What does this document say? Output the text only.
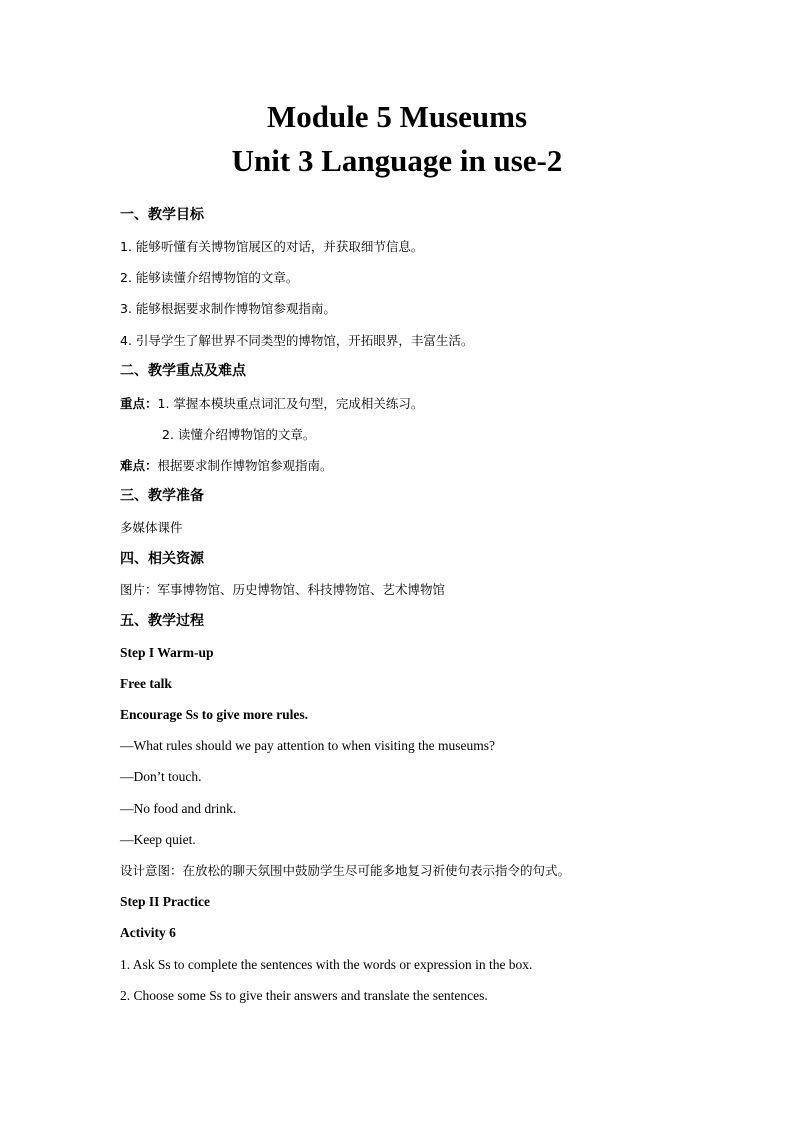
Module 5 Museums
Unit 3 Language in use-2
一、教学目标
1. 能够听懂有关博物馆展区的对话，并获取细节信息。
2. 能够读懂介绍博物馆的文章。
3. 能够根据要求制作博物馆参观指南。
4. 引导学生了解世界不同类型的博物馆，开拓眼界，丰富生活。
二、教学重点及难点
重点：1. 掌握本模块重点词汇及句型，完成相关练习。
2. 读懂介绍博物馆的文章。
难点：根据要求制作博物馆参观指南。
三、教学准备
多媒体课件
四、相关资源
图片：军事博物馆、历史博物馆、科技博物馆、艺术博物馆
五、教学过程
Step I Warm-up
Free talk
Encourage Ss to give more rules.
—What rules should we pay attention to when visiting the museums?
—Don’t touch.
—No food and drink.
—Keep quiet.
设计意图：在放松的聊天氛围中鼓励学生尽可能多地复习祈使句表示指令的句式。
Step II Practice
Activity 6
1. Ask Ss to complete the sentences with the words or expression in the box.
2. Choose some Ss to give their answers and translate the sentences.
